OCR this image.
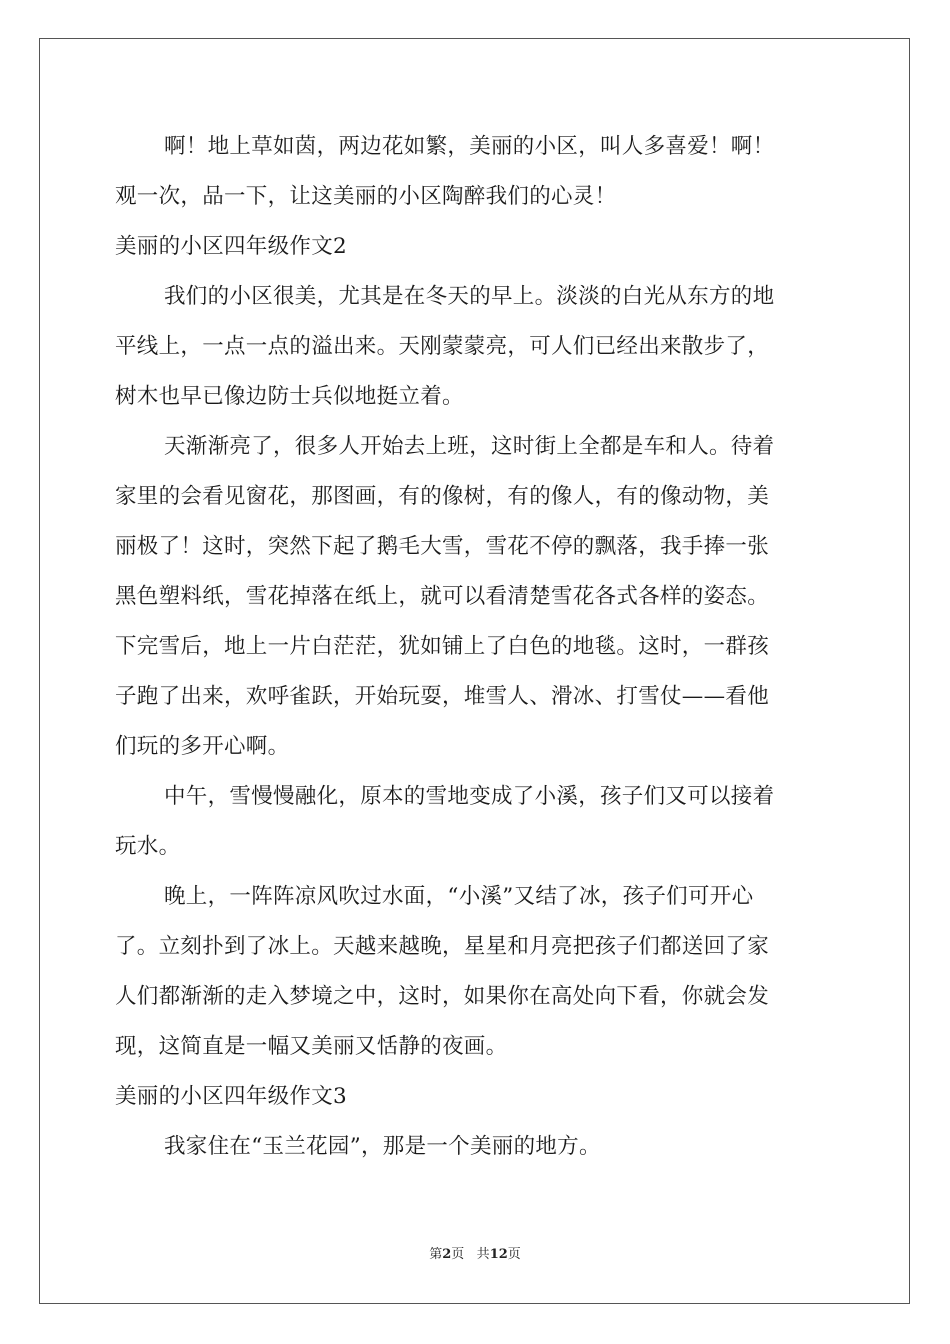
啊！地上草如茵，两边花如繁，美丽的小区，叫人多喜爱！啊！
观一次，品一下，让这美丽的小区陶醉我们的心灵！
美丽的小区四年级作文2
我们的小区很美，尤其是在冬天的早上。淡淡的白光从东方的地
平线上，一点一点的溢出来。天刚蒙蒙亮，可人们已经出来散步了，
树木也早已像边防士兵似地挺立着。
天渐渐亮了，很多人开始去上班，这时街上全都是车和人。待着
家里的会看见窗花，那图画，有的像树，有的像人，有的像动物，美
丽极了！这时，突然下起了鹅毛大雪，雪花不停的飘落，我手捧一张
黑色塑料纸，雪花掉落在纸上，就可以看清楚雪花各式各样的姿态。
下完雪后，地上一片白茫茫，犹如铺上了白色的地毯。这时，一群孩
子跑了出来，欢呼雀跃，开始玩耍，堆雪人、滑冰、打雪仗——看他
们玩的多开心啊。
中午，雪慢慢融化，原本的雪地变成了小溪，孩子们又可以接着
玩水。
晚上，一阵阵凉风吹过水面，“小溪”又结了冰，孩子们可开心
了。立刻扑到了冰上。天越来越晚，星星和月亮把孩子们都送回了家
人们都渐渐的走入梦境之中，这时，如果你在高处向下看，你就会发
现，这简直是一幅又美丽又恬静的夜画。
美丽的小区四年级作文3
我家住在“玉兰花园”，那是一个美丽的地方。
第2页 共12页
